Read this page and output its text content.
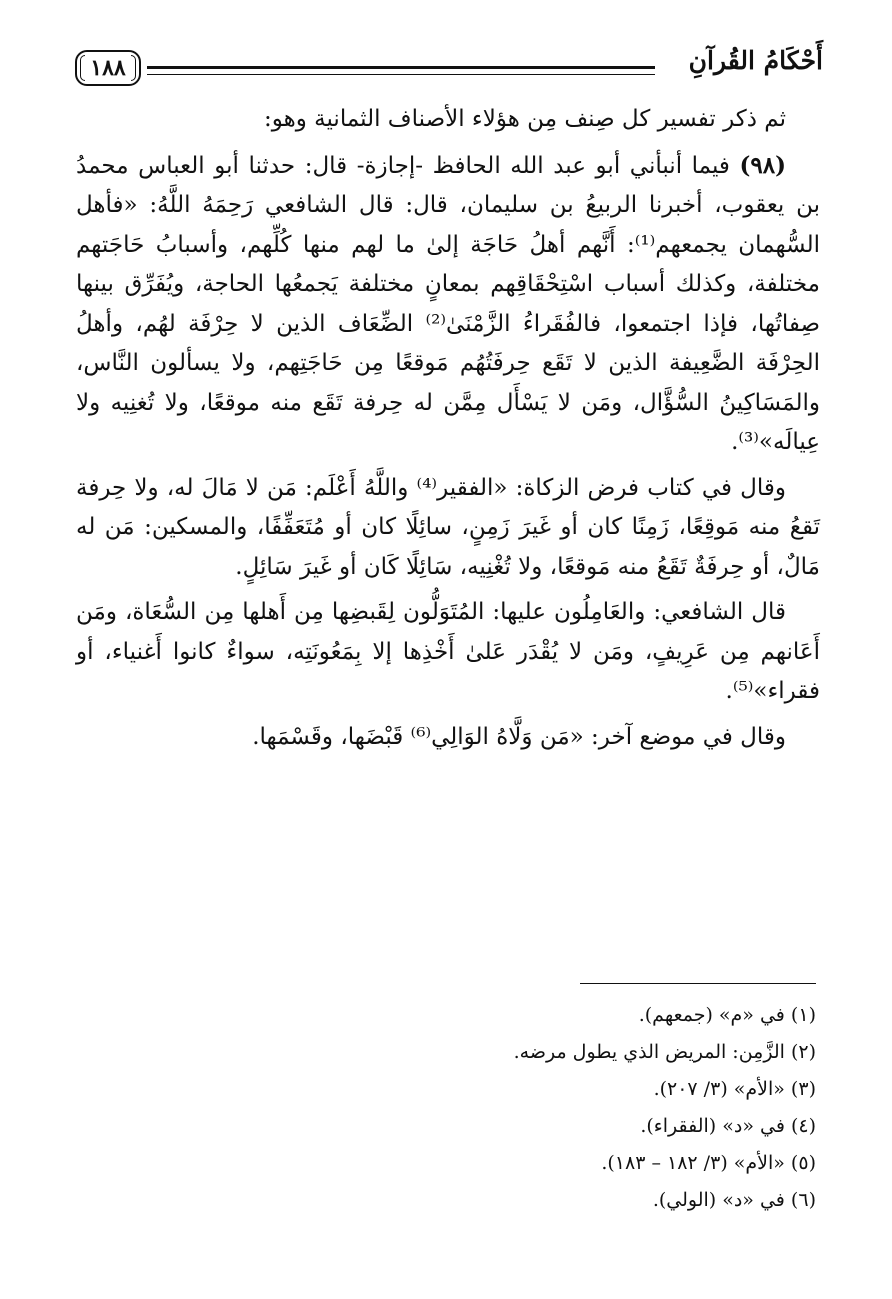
أَحْكَامُ القُرآنِ
١٨٨

ثم ذكر تفسير كل صِنف مِن هؤلاء الأصناف الثمانية وهو:

(٩٨) فيما أنبأني أبو عبد الله الحافظ -إجازة- قال: حدثنا أبو العباس محمدُ بن يعقوب، أخبرنا الربيعُ بن سليمان، قال: قال الشافعي رَحِمَهُ اللَّهُ: «فأهل السُّهمان يجمعهم⁽¹⁾: أَنَّهم أهلُ حَاجَة إلىٰ ما لهم منها كُلِّهم، وأسبابُ حَاجَتهم مختلفة، وكذلك أسباب اسْتِحْقَاقِهم بمعانٍ مختلفة يَجمعُها الحاجة، ويُفَرِّق بينها صِفاتُها، فإذا اجتمعوا، فالفُقَراءُ الزَّمْنَىٰ⁽²⁾ الضِّعَاف الذين لا حِرْفَة لهُم، وأهلُ الحِرْفَة الضَّعِيفة الذين لا تَقَع حِرفَتُهُم مَوقعًا مِن حَاجَتِهم، ولا يسألون النَّاس، والمَسَاكِينُ السُّؤَّال، ومَن لا يَسْأَل مِمَّن له حِرفة تَقَع منه موقعًا، ولا تُغنِيه ولا عِيالَه»⁽³⁾.

وقال في كتاب فرض الزكاة: «الفقير⁽⁴⁾ واللَّهُ أَعْلَم: مَن لا مَالَ له، ولا حِرفة تَقعُ منه مَوقِعًا، زَمِنًا كان أو غَيرَ زَمِنٍ، سائِلًا كان أو مُتَعَفِّفًا، والمسكين: مَن له مَالٌ، أو حِرفَةٌ تَقَعُ منه مَوقعًا، ولا تُغْنِيه، سَائِلًا كَان أو غَيرَ سَائِلٍ.

قال الشافعي: والعَامِلُون عليها: المُتَوَلُّون لِقَبضِها مِن أَهلها مِن السُّعَاة، ومَن أَعَانهم مِن عَرِيفٍ، ومَن لا يُقْدَر عَلىٰ أَخْذِها إلا بِمَعُونَتِه، سواءٌ كانوا أَغنياء، أو فقراء»⁽⁵⁾.

وقال في موضع آخر: «مَن وَلَّاهُ الوَالِي⁽⁶⁾ قَبْضَها، وقَسْمَها.

(١) في «م» (جمعهم).
(٢) الزَّمِن: المريض الذي يطول مرضه.
(٣) «الأم» (٣/ ٢٠٧).
(٤) في «د» (الفقراء).
(٥) «الأم» (٣/ ١٨٢ – ١٨٣).
(٦) في «د» (الولي).
